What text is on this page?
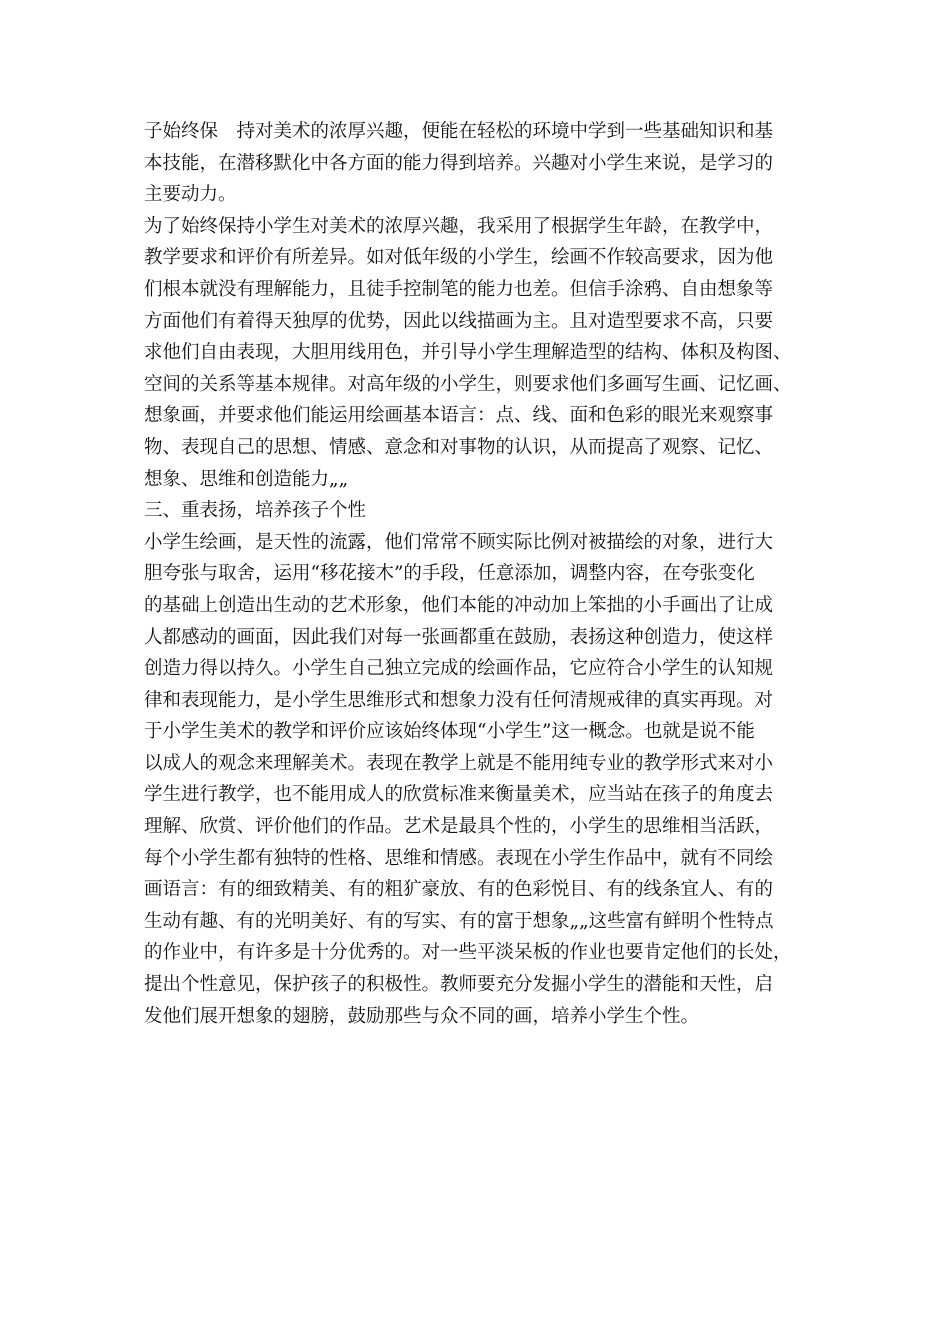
子始终保　持对美术的浓厚兴趣，便能在轻松的环境中学到一些基础知识和基
本技能，在潜移默化中各方面的能力得到培养。兴趣对小学生来说，是学习的
主要动力。
为了始终保持小学生对美术的浓厚兴趣，我采用了根据学生年龄，在教学中，
教学要求和评价有所差异。如对低年级的小学生，绘画不作较高要求，因为他
们根本就没有理解能力，且徒手控制笔的能力也差。但信手涂鸦、自由想象等
方面他们有着得天独厚的优势，因此以线描画为主。且对造型要求不高，只要
求他们自由表现，大胆用线用色，并引导小学生理解造型的结构、体积及构图、
空间的关系等基本规律。对高年级的小学生，则要求他们多画写生画、记忆画、
想象画，并要求他们能运用绘画基本语言：点、线、面和色彩的眼光来观察事
物、表现自己的思想、情感、意念和对事物的认识，从而提高了观察、记忆、
想象、思维和创造能力„„
三、重表扬，培养孩子个性
小学生绘画，是天性的流露，他们常常不顾实际比例对被描绘的对象，进行大
胆夸张与取舍，运用“移花接木”的手段，任意添加，调整内容，在夸张变化
的基础上创造出生动的艺术形象，他们本能的冲动加上笨拙的小手画出了让成
人都感动的画面，因此我们对每一张画都重在鼓励，表扬这种创造力，使这样
创造力得以持久。小学生自己独立完成的绘画作品，它应符合小学生的认知规
律和表现能力，是小学生思维形式和想象力没有任何清规戒律的真实再现。对
于小学生美术的教学和评价应该始终体现“小学生”这一概念。也就是说不能
以成人的观念来理解美术。表现在教学上就是不能用纯专业的教学形式来对小
学生进行教学，也不能用成人的欣赏标准来衡量美术，应当站在孩子的角度去
理解、欣赏、评价他们的作品。艺术是最具个性的，小学生的思维相当活跃，
每个小学生都有独特的性格、思维和情感。表现在小学生作品中，就有不同绘
画语言：有的细致精美、有的粗犷豪放、有的色彩悦目、有的线条宜人、有的
生动有趣、有的光明美好、有的写实、有的富于想象„„这些富有鲜明个性特点
的作业中，有许多是十分优秀的。对一些平淡呆板的作业也要肯定他们的长处，
提出个性意见，保护孩子的积极性。教师要充分发掘小学生的潜能和天性，启
发他们展开想象的翅膀，鼓励那些与众不同的画，培养小学生个性。
